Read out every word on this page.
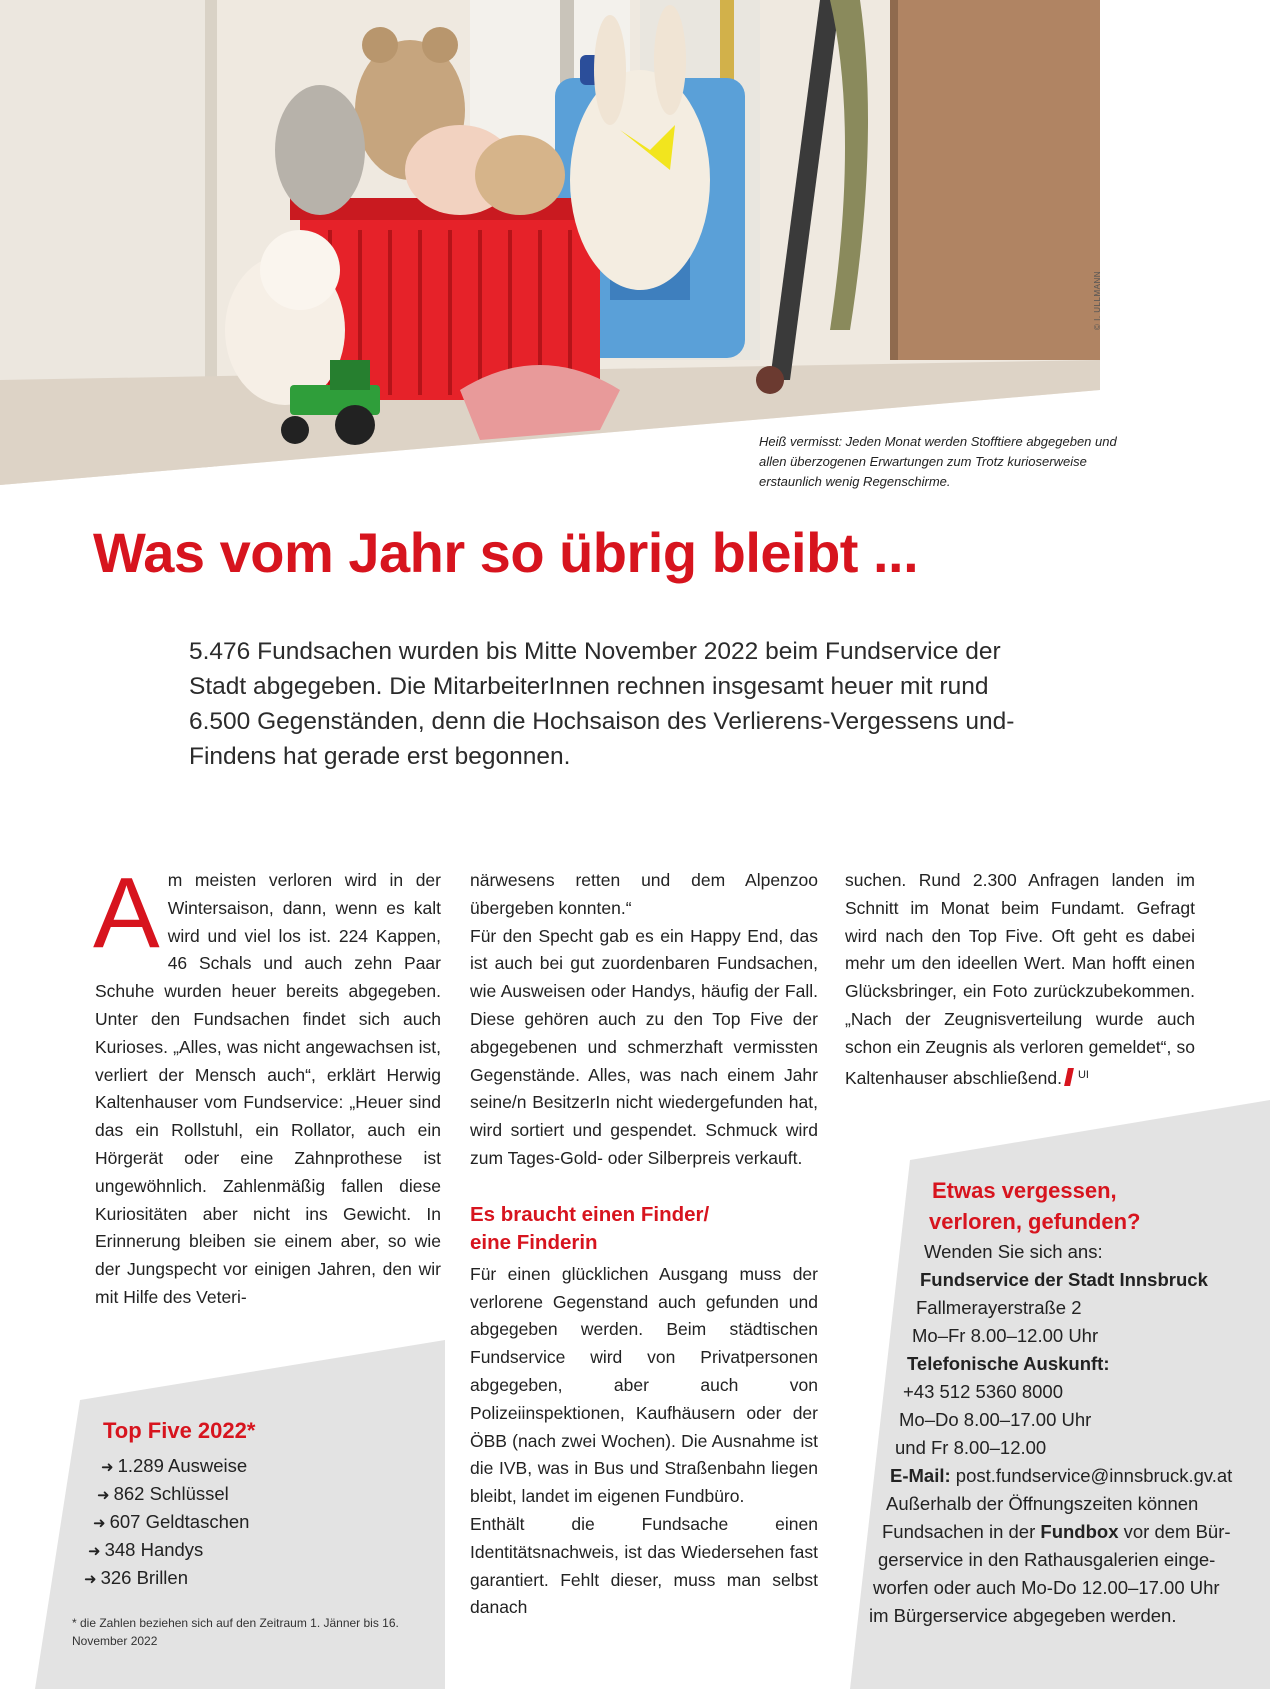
© I. ULLMANN

Heiß vermisst: Jeden Monat werden Stofftiere abgegeben und allen überzogenen Erwartungen zum Trotz kurioserweise erstaunlich wenig Regenschirme.

Was vom Jahr so übrig bleibt ...

5.476 Fundsachen wurden bis Mitte November 2022 beim Fundservice der Stadt abgegeben. Die MitarbeiterInnen rechnen insgesamt heuer mit rund 6.500 Gegenständen, denn die Hochsaison des Verlierens-Vergessens und-Findens hat gerade erst begonnen.

A m meisten verloren wird in der Wintersaison, dann, wenn es kalt wird und viel los ist. 224 Kappen, 46 Schals und auch zehn Paar Schuhe wurden heuer bereits abgegeben. Unter den Fundsachen findet sich auch Kurioses. „Alles, was nicht angewachsen ist, verliert der Mensch auch“, erklärt Herwig Kaltenhauser vom Fundservice: „Heuer sind das ein Rollstuhl, ein Rollator, auch ein Hörgerät oder eine Zahnprothese ist ungewöhnlich. Zahlenmäßig fallen diese Kuriositäten aber nicht ins Gewicht. In Erinnerung bleiben sie einem aber, so wie der Jungspecht vor einigen Jahren, den wir mit Hilfe des Veteri-

närwesens retten und dem Alpenzoo übergeben konnten.“

Für den Specht gab es ein Happy End, das ist auch bei gut zuordenbaren Fundsachen, wie Ausweisen oder Handys, häufig der Fall. Diese gehören auch zu den Top Five der abgegebenen und schmerzhaft vermissten Gegenstände. Alles, was nach einem Jahr seine/n BesitzerIn nicht wiedergefunden hat, wird sortiert und gespendet. Schmuck wird zum Tages-Gold- oder Silberpreis verkauft.

Es braucht einen Finder/
eine Finderin

Für einen glücklichen Ausgang muss der verlorene Gegenstand auch gefunden und abgegeben werden. Beim städtischen Fundservice wird von Privatpersonen abgegeben, aber auch von Polizeiinspektionen, Kaufhäusern oder der ÖBB (nach zwei Wochen). Die Ausnahme ist die IVB, was in Bus und Straßenbahn liegen bleibt, landet im eigenen Fundbüro.

Enthält die Fundsache einen Identitätsnachweis, ist das Wiedersehen fast garantiert. Fehlt dieser, muss man selbst danach

suchen. Rund 2.300 Anfragen landen im Schnitt im Monat beim Fundamt. Gefragt wird nach den Top Five. Oft geht es dabei mehr um den ideellen Wert. Man hofft einen Glücksbringer, ein Foto zurückzubekommen. „Nach der Zeugnisverteilung wurde auch schon ein Zeugnis als verloren gemeldet“, so Kaltenhauser abschließend. $^{UI}$
Top Five 2022*
➜ 1.289 Ausweise
➜ 862 Schlüssel
➜ 607 Geldtaschen
➜ 348 Handys
➜ 326 Brillen

* die Zahlen beziehen sich auf den Zeitraum 1. Jänner bis 16. November 2022

Etwas vergessen,
verloren, gefunden?
Wenden Sie sich ans:
Fundservice der Stadt Innsbruck
Fallmerayerstraße 2
Mo–Fr 8.00–12.00 Uhr
Telefonische Auskunft:
+43 512 5360 8000
Mo–Do 8.00–17.00 Uhr
und Fr 8.00–12.00
E-Mail: post.fundservice@innsbruck.gv.at
Außerhalb der Öffnungszeiten können
Fundsachen in der Fundbox vor dem Bür-
gerservice in den Rathausgalerien einge-
worfen oder auch Mo-Do 12.00–17.00 Uhr
im Bürgerservice abgegeben werden.
